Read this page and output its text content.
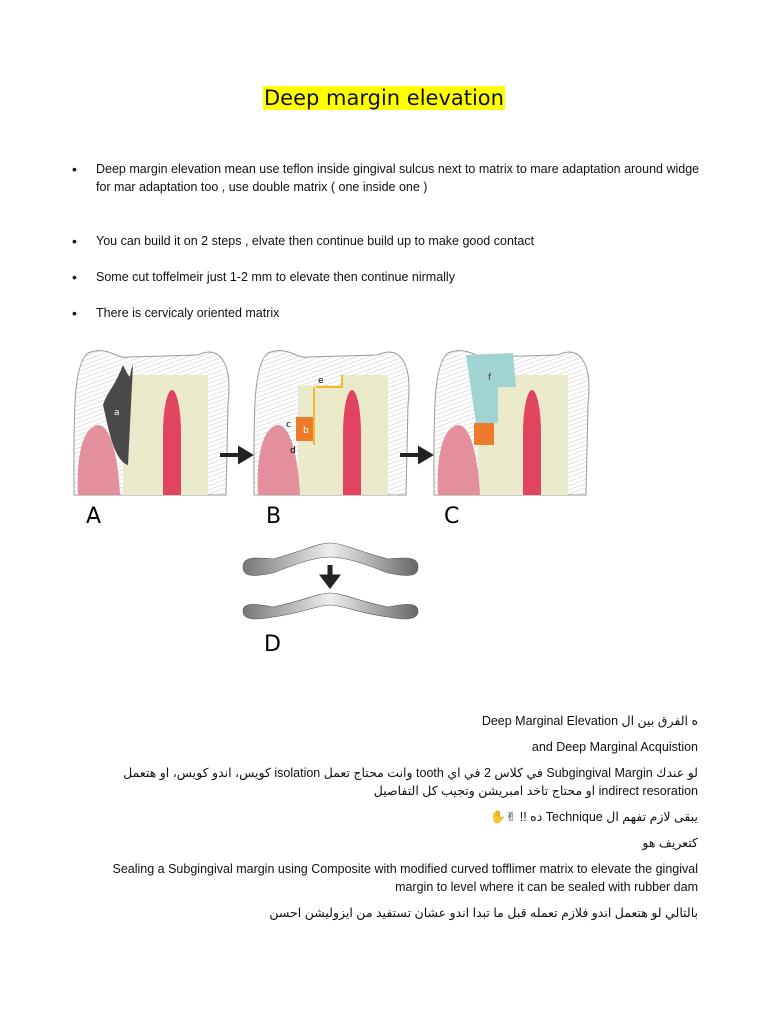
Deep margin elevation
• Deep margin elevation mean use teflon inside gingival sulcus next to matrix to mare adaptation around widge for mar adaptation too , use double matrix ( one inside one )
• You can build it on 2 steps , elvate then continue build up to make good contact
• Some cut toffelmeir just 1-2 mm to elevate then continue nirmally
• There is cervicaly oriented matrix
a
b
c
d
e	f
A	B	C
D

ه الفرق بين ال Deep Marginal Elevation

and Deep Marginal Acquistion

لو عندك Subgingival Margin في كلاس 2 في اي tooth وانت محتاج تعمل isolation كويس، اندو كويس، او هتعمل indirect resoration او محتاج تاخد امبريشن وتجيب كل التفاصيل

يبقى لازم تفهم ال Technique ده !! ✌✋

كتعريف هو

Sealing a Subgingival margin using Composite with modified curved tofflimer matrix to elevate the gingival margin to level where it can be sealed with rubber dam

بالتالي لو هتعمل اندو فلازم تعمله قبل ما تبدا اندو عشان تستفيد من ايزوليشن احسن
